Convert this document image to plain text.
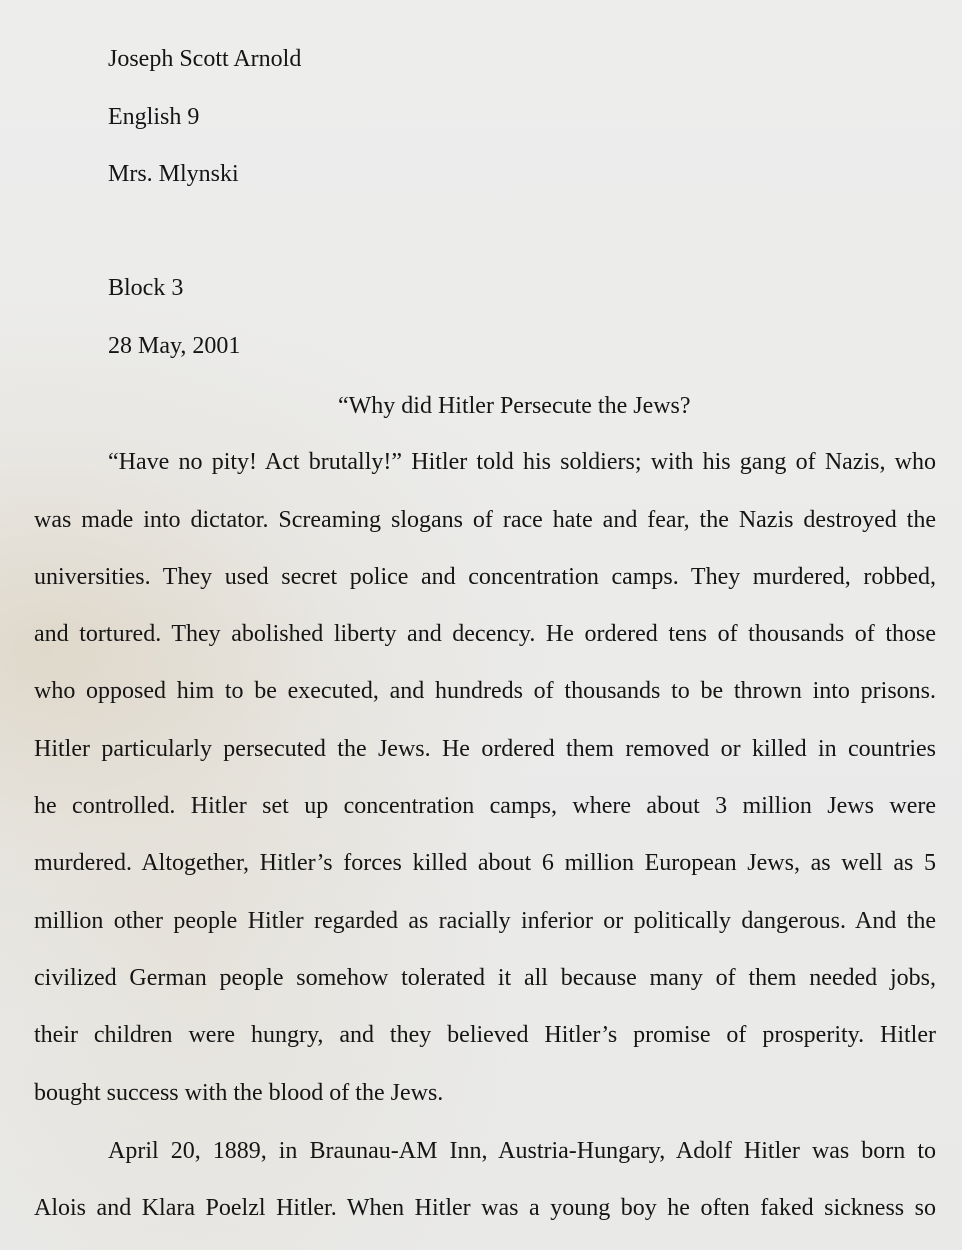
Joseph Scott Arnold
English 9
Mrs. Mlynski
Block 3
28 May, 2001
“Why did Hitler Persecute the Jews?
“Have no pity! Act brutally!” Hitler told his soldiers; with his gang of Nazis, who
was made into dictator. Screaming slogans of race hate and fear, the Nazis destroyed the
universities. They used secret police and concentration camps. They murdered, robbed,
and tortured. They abolished liberty and decency. He ordered tens of thousands of those
who opposed him to be executed, and hundreds of thousands to be thrown into prisons.
Hitler particularly persecuted the Jews. He ordered them removed or killed in countries
he controlled. Hitler set up concentration camps, where about 3 million Jews were
murdered. Altogether, Hitler’s forces killed about 6 million European Jews, as well as 5
million other people Hitler regarded as racially inferior or politically dangerous. And the
civilized German people somehow tolerated it all because many of them needed jobs,
their children were hungry, and they believed Hitler’s promise of prosperity. Hitler
bought success with the blood of the Jews.
April 20, 1889, in Braunau-AM Inn, Austria-Hungary, Adolf Hitler was born to
Alois and Klara Poelzl Hitler. When Hitler was a young boy he often faked sickness so
